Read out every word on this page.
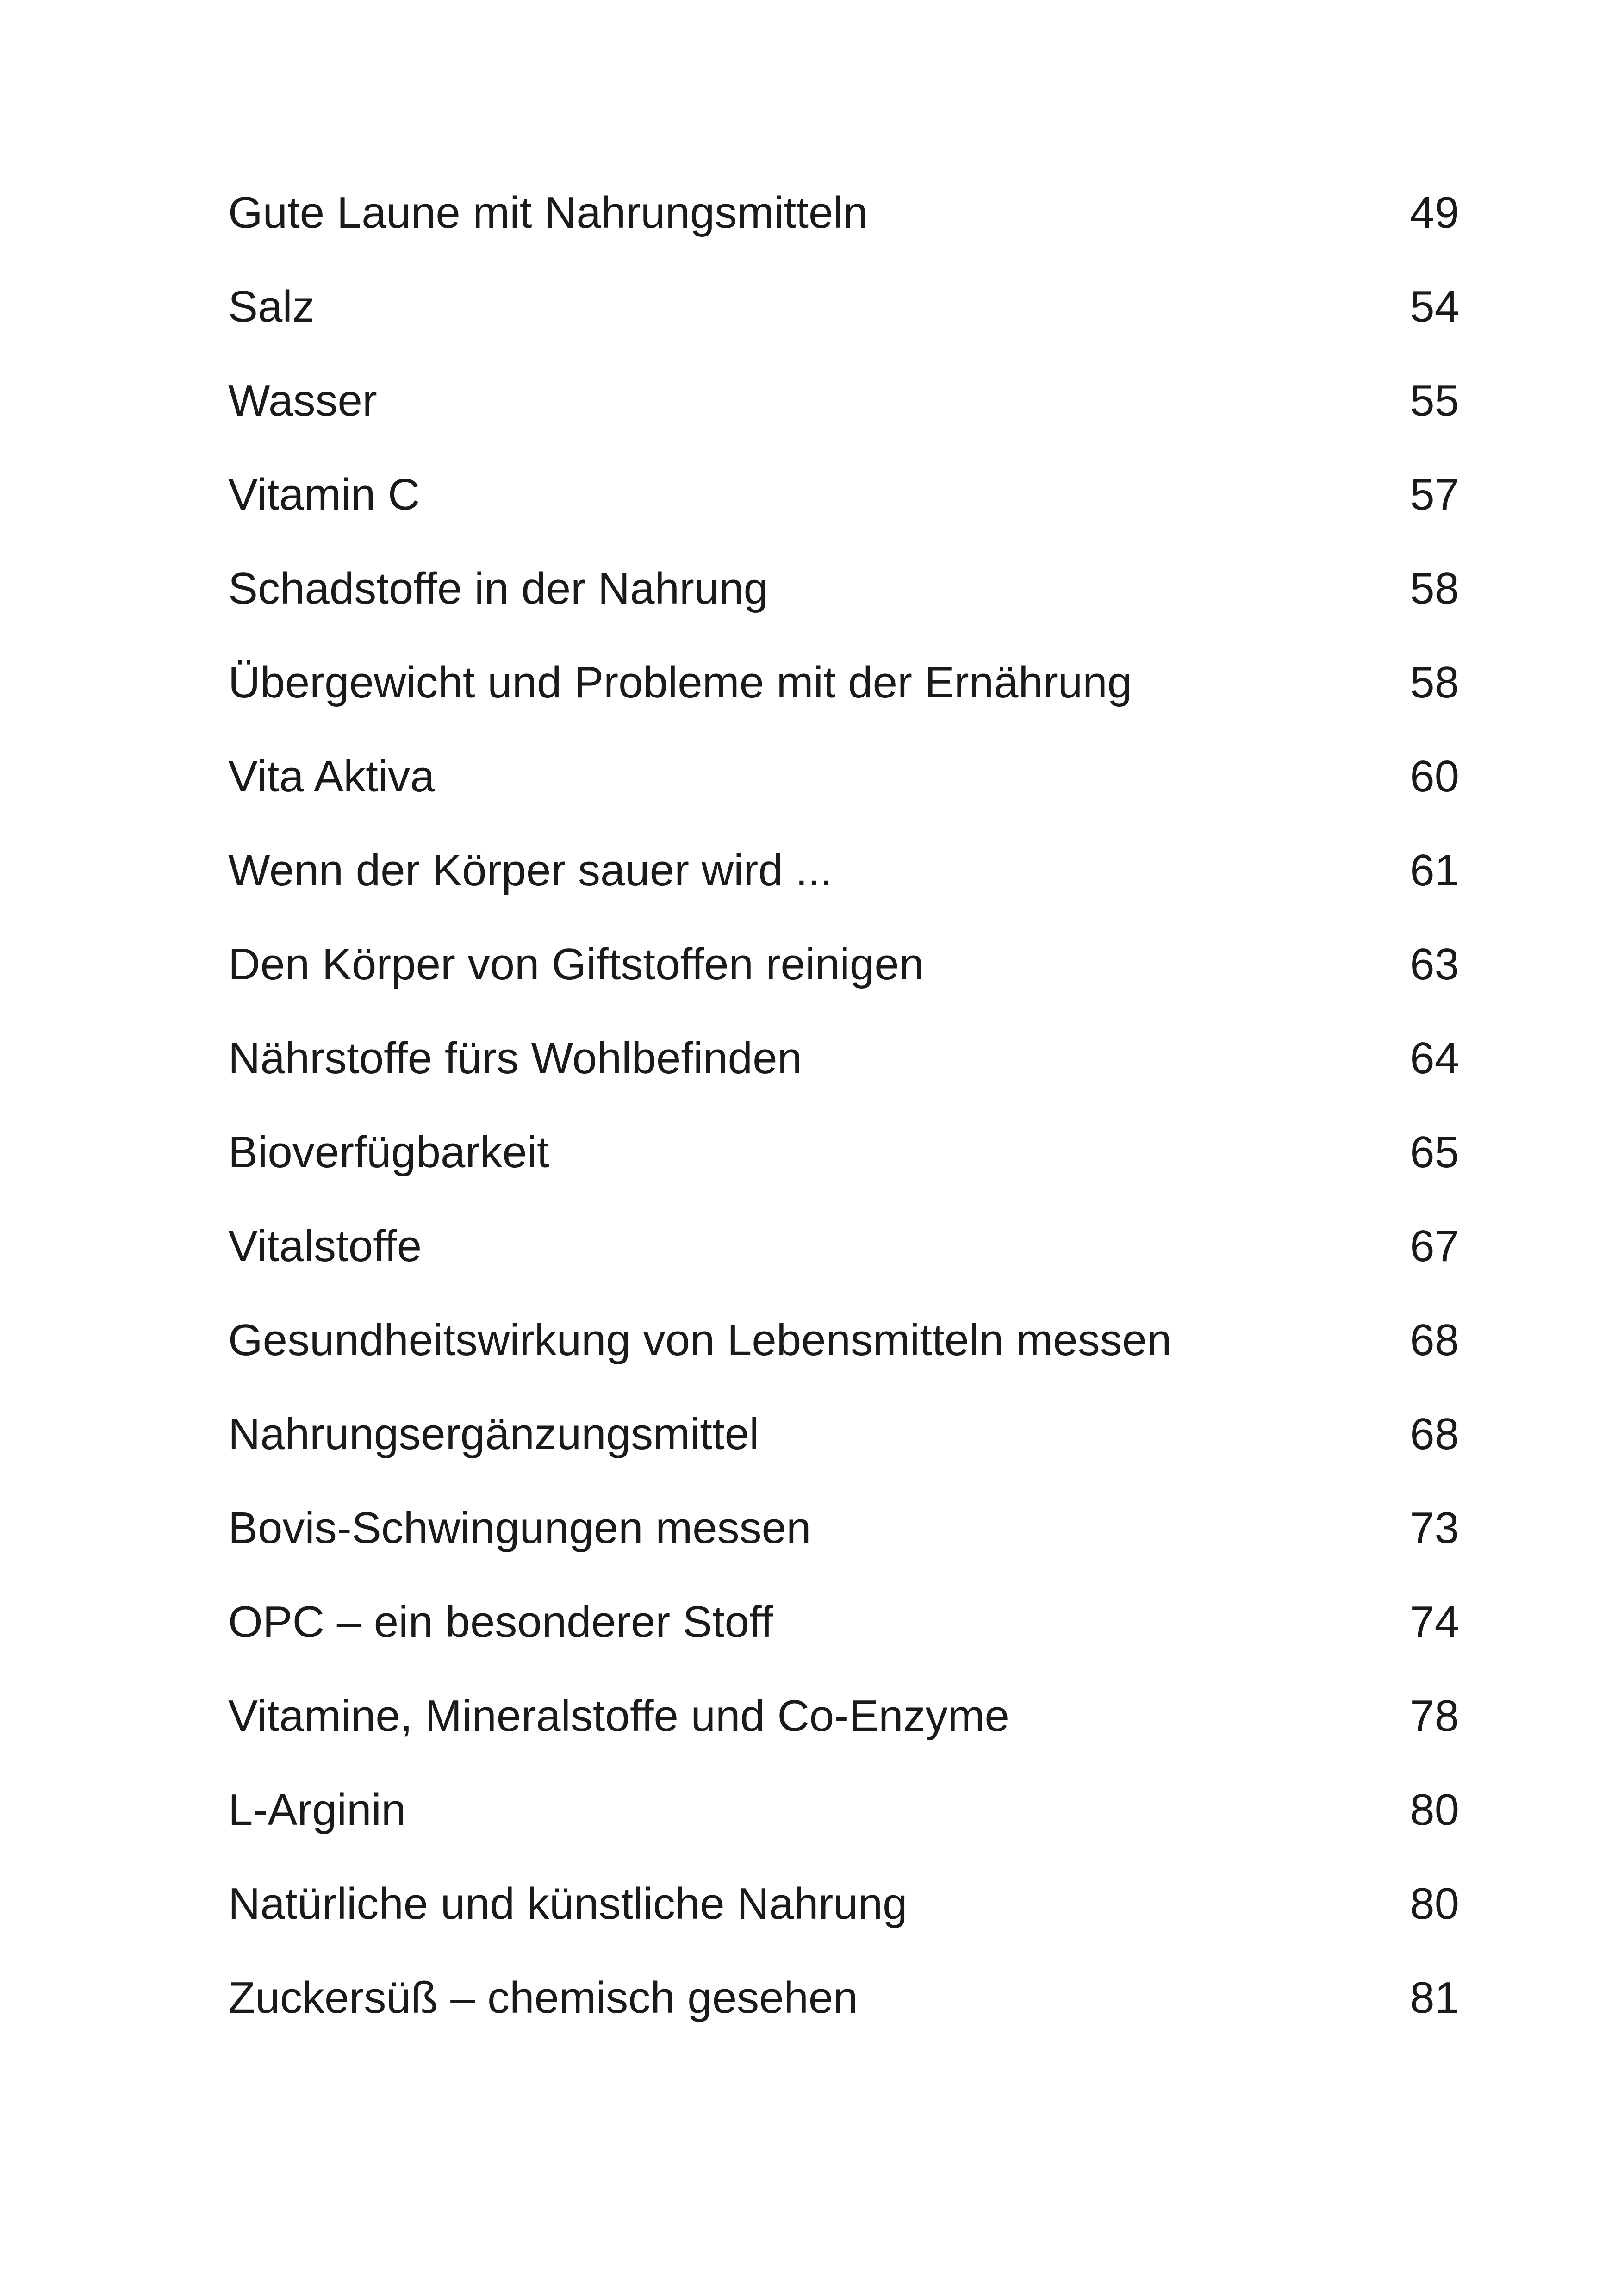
Gute Laune mit Nahrungsmitteln	49
Salz	54
Wasser	55
Vitamin C	57
Schadstoffe in der Nahrung	58
Übergewicht und Probleme mit der Ernährung	58
Vita Aktiva	60
Wenn der Körper sauer wird ...	61
Den Körper von Giftstoffen reinigen	63
Nährstoffe fürs Wohlbefinden	64
Bioverfügbarkeit	65
Vitalstoffe	67
Gesundheitswirkung von Lebensmitteln messen	68
Nahrungsergänzungsmittel	68
Bovis-Schwingungen messen	73
OPC – ein besonderer Stoff	74
Vitamine, Mineralstoffe und Co-Enzyme	78
L-Arginin	80
Natürliche und künstliche Nahrung	80
Zuckersüß – chemisch gesehen	81
